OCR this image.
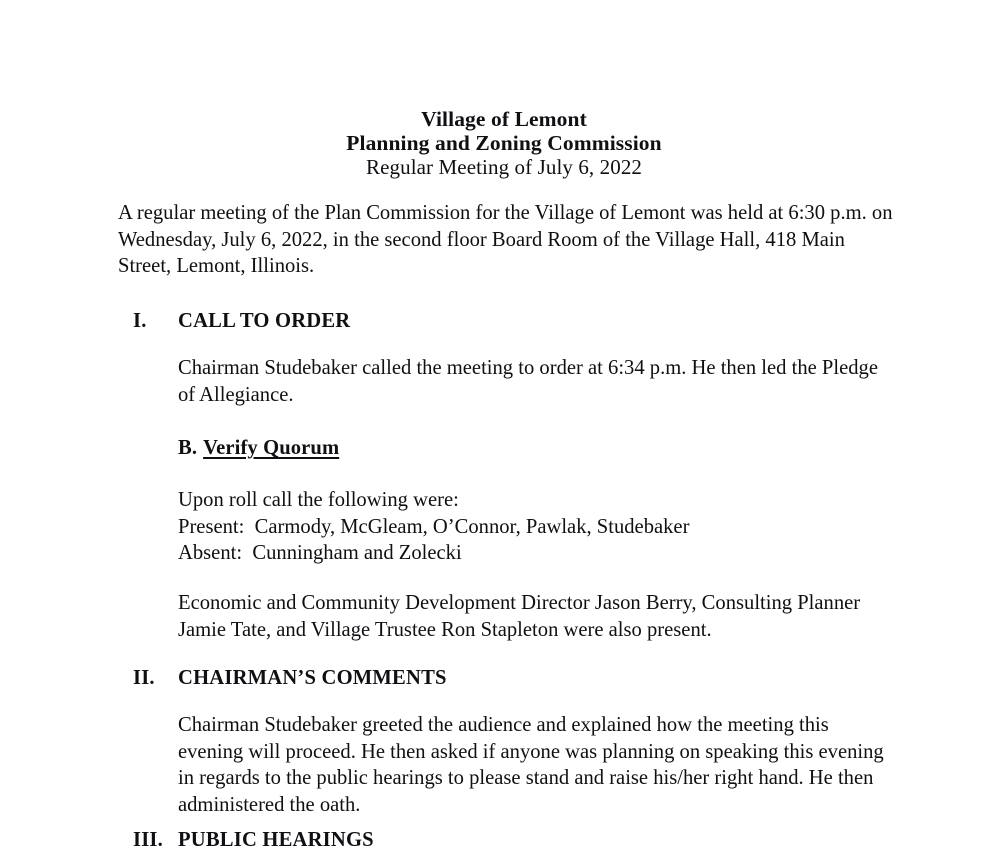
Village of Lemont
Planning and Zoning Commission
Regular Meeting of July 6, 2022
A regular meeting of the Plan Commission for the Village of Lemont was held at 6:30 p.m. on Wednesday, July 6, 2022, in the second floor Board Room of the Village Hall, 418 Main Street, Lemont, Illinois.
I.	CALL TO ORDER
Chairman Studebaker called the meeting to order at 6:34 p.m. He then led the Pledge of Allegiance.
B. Verify Quorum
Upon roll call the following were:
Present:  Carmody, McGleam, O’Connor, Pawlak, Studebaker
Absent:  Cunningham and Zolecki
Economic and Community Development Director Jason Berry, Consulting Planner Jamie Tate, and Village Trustee Ron Stapleton were also present.
II.	CHAIRMAN’S COMMENTS
Chairman Studebaker greeted the audience and explained how the meeting this evening will proceed. He then asked if anyone was planning on speaking this evening in regards to the public hearings to please stand and raise his/her right hand. He then administered the oath.
III. PUBLIC HEARINGS
